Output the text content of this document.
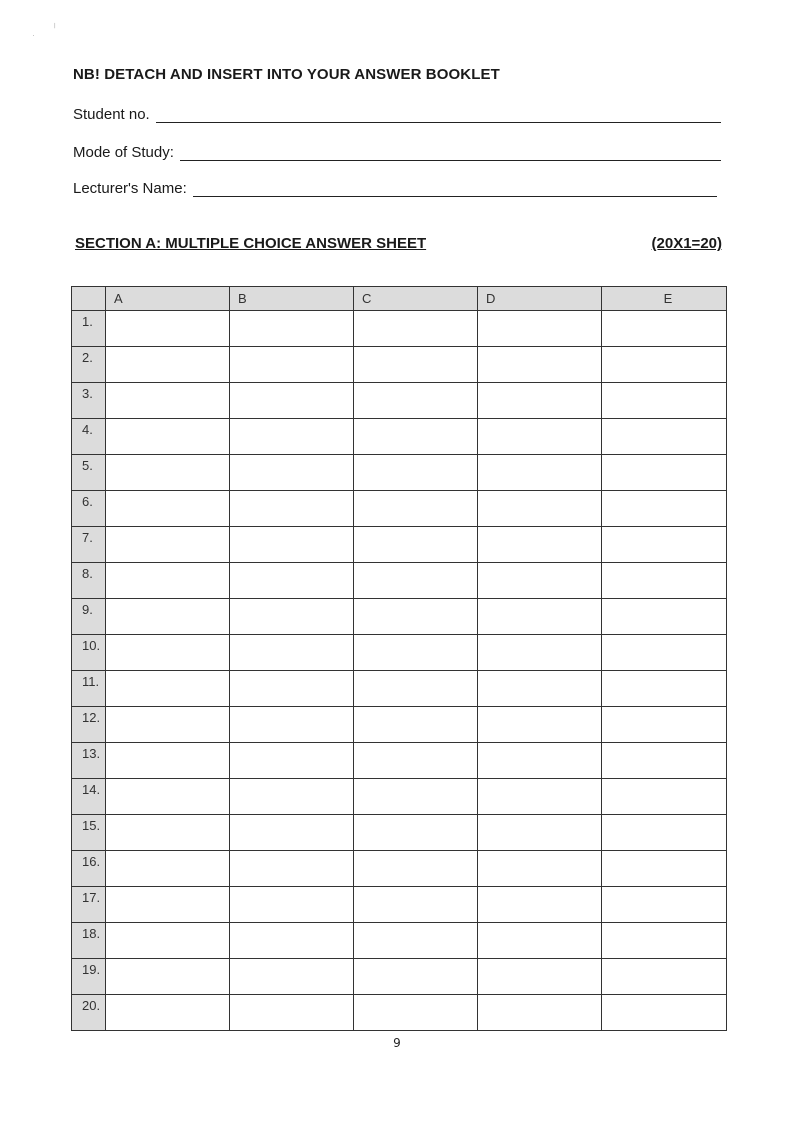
╷
·
NB! DETACH AND INSERT INTO YOUR ANSWER BOOKLET
Student no.
Mode of Study:
Lecturer's Name:
SECTION A: MULTIPLE CHOICE ANSWER SHEET	(20X1=20)
	A	B	C	D	E
1.					
2.					
3.					
4.					
5.					
6.					
7.					
8.					
9.					
10.					
11.					
12.					
13.					
14.					
15.					
16.					
17.					
18.					
19.					
20.					
9
